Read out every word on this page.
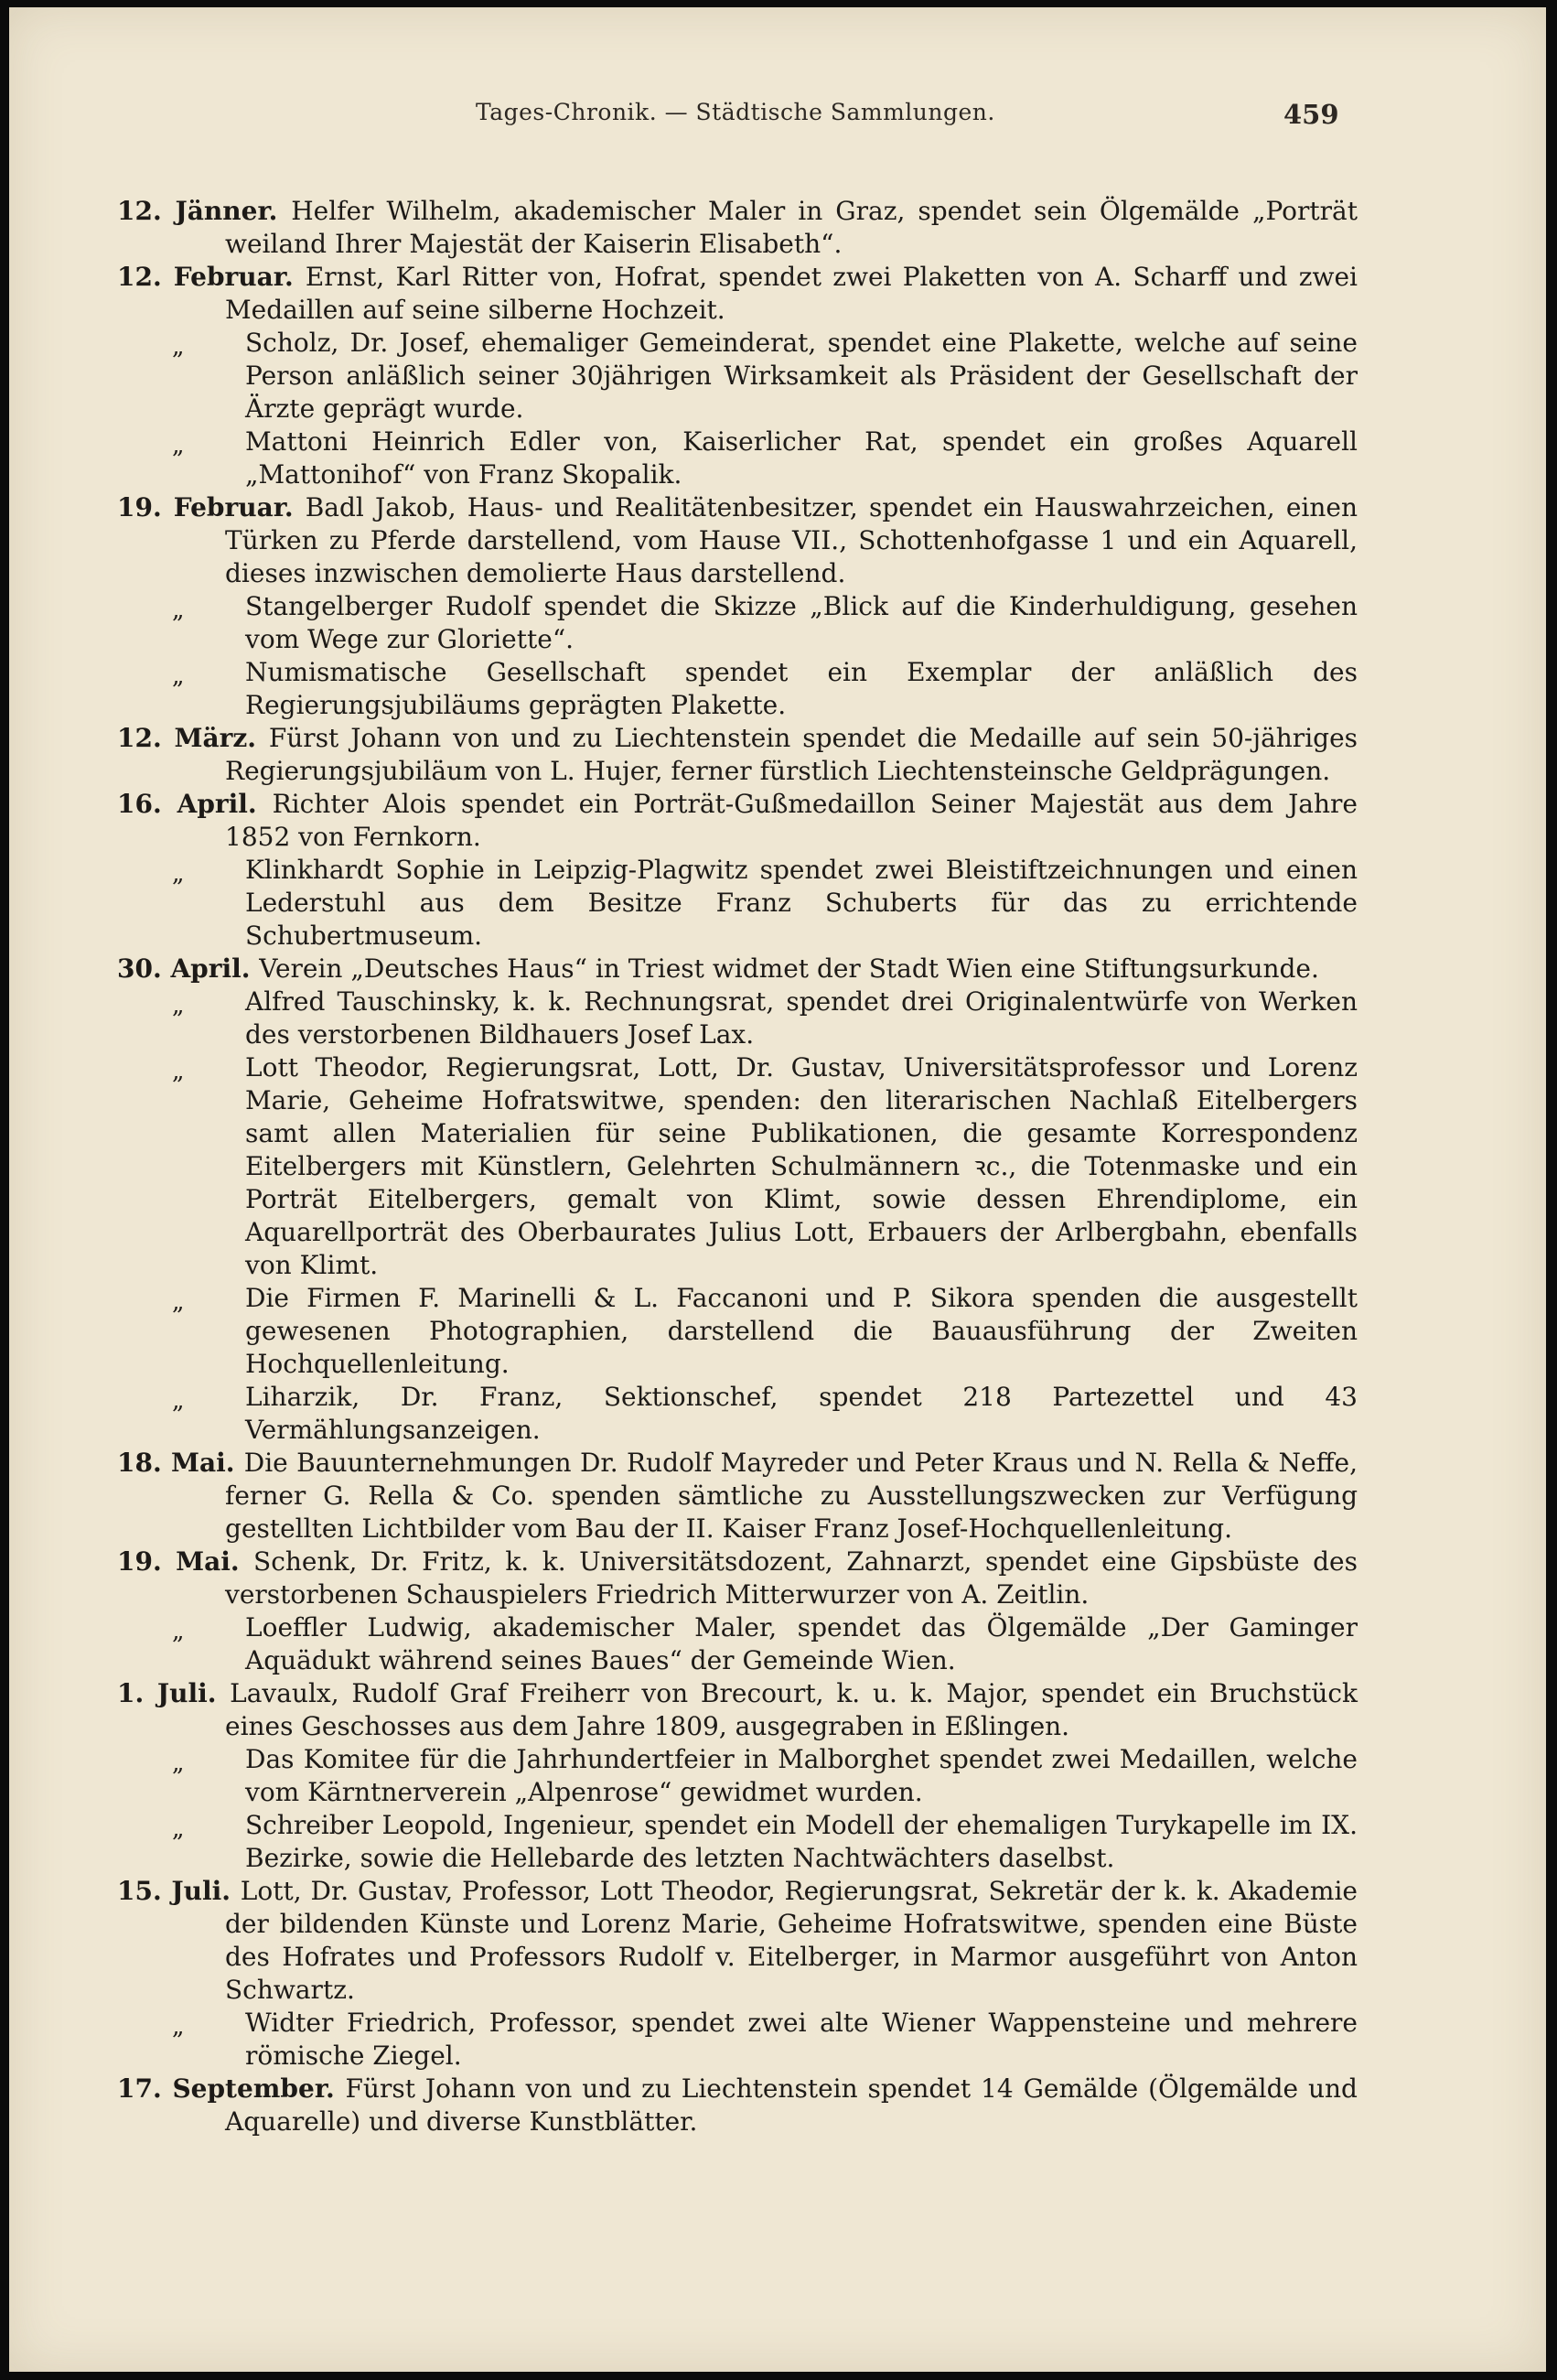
Tages-Chronik. — Städtische Sammlungen.	459
12. Jänner. Helfer Wilhelm, akademischer Maler in Graz, spendet sein Ölgemälde „Porträt weiland Ihrer Majestät der Kaiserin Elisabeth“.
12. Februar. Ernst, Karl Ritter von, Hofrat, spendet zwei Plaketten von A. Scharff und zwei Medaillen auf seine silberne Hochzeit.
„ Scholz, Dr. Josef, ehemaliger Gemeinderat, spendet eine Plakette, welche auf seine Person anläßlich seiner 30jährigen Wirksamkeit als Präsident der Gesellschaft der Ärzte geprägt wurde.
„ Mattoni Heinrich Edler von, Kaiserlicher Rat, spendet ein großes Aquarell „Mattonihof“ von Franz Skopalik.
19. Februar. Badl Jakob, Haus- und Realitätenbesitzer, spendet ein Hauswahrzeichen, einen Türken zu Pferde darstellend, vom Hause VII., Schottenhofgasse 1 und ein Aquarell, dieses inzwischen demolierte Haus darstellend.
„ Stangelberger Rudolf spendet die Skizze „Blick auf die Kinderhuldigung, gesehen vom Wege zur Gloriette“.
„ Numismatische Gesellschaft spendet ein Exemplar der anläßlich des Regierungsjubiläums geprägten Plakette.
12. März. Fürst Johann von und zu Liechtenstein spendet die Medaille auf sein 50-jähriges Regierungsjubiläum von L. Hujer, ferner fürstlich Liechtensteinsche Geldprägungen.
16. April. Richter Alois spendet ein Porträt-Gußmedaillon Seiner Majestät aus dem Jahre 1852 von Fernkorn.
„ Klinkhardt Sophie in Leipzig-Plagwitz spendet zwei Bleistiftzeichnungen und einen Lederstuhl aus dem Besitze Franz Schuberts für das zu errichtende Schubertmuseum.
30. April. Verein „Deutsches Haus“ in Triest widmet der Stadt Wien eine Stiftungsurkunde.
„ Alfred Tauschinsky, k. k. Rechnungsrat, spendet drei Originalentwürfe von Werken des verstorbenen Bildhauers Josef Lax.
„ Lott Theodor, Regierungsrat, Lott, Dr. Gustav, Universitätsprofessor und Lorenz Marie, Geheime Hofratswitwe, spenden: den literarischen Nachlaß Eitelbergers samt allen Materialien für seine Publikationen, die gesamte Korrespondenz Eitelbergers mit Künstlern, Gelehrten Schulmännern ꝛc., die Totenmaske und ein Porträt Eitelbergers, gemalt von Klimt, sowie dessen Ehrendiplome, ein Aquarellporträt des Oberbaurates Julius Lott, Erbauers der Arlbergbahn, ebenfalls von Klimt.
„ Die Firmen F. Marinelli & L. Faccanoni und P. Sikora spenden die ausgestellt gewesenen Photographien, darstellend die Bauausführung der Zweiten Hochquellenleitung.
„ Liharzik, Dr. Franz, Sektionschef, spendet 218 Partezettel und 43 Vermählungsanzeigen.
18. Mai. Die Bauunternehmungen Dr. Rudolf Mayreder und Peter Kraus und N. Rella & Neffe, ferner G. Rella & Co. spenden sämtliche zu Ausstellungszwecken zur Verfügung gestellten Lichtbilder vom Bau der II. Kaiser Franz Josef-Hochquellenleitung.
19. Mai. Schenk, Dr. Fritz, k. k. Universitätsdozent, Zahnarzt, spendet eine Gipsbüste des verstorbenen Schauspielers Friedrich Mitterwurzer von A. Zeitlin.
„ Loeffler Ludwig, akademischer Maler, spendet das Ölgemälde „Der Gaminger Aquädukt während seines Baues“ der Gemeinde Wien.
1. Juli. Lavaulx, Rudolf Graf Freiherr von Brecourt, k. u. k. Major, spendet ein Bruchstück eines Geschosses aus dem Jahre 1809, ausgegraben in Eßlingen.
„ Das Komitee für die Jahrhundertfeier in Malborghet spendet zwei Medaillen, welche vom Kärntnerverein „Alpenrose“ gewidmet wurden.
„ Schreiber Leopold, Ingenieur, spendet ein Modell der ehemaligen Turykapelle im IX. Bezirke, sowie die Hellebarde des letzten Nachtwächters daselbst.
15. Juli. Lott, Dr. Gustav, Professor, Lott Theodor, Regierungsrat, Sekretär der k. k. Akademie der bildenden Künste und Lorenz Marie, Geheime Hofratswitwe, spenden eine Büste des Hofrates und Professors Rudolf v. Eitelberger, in Marmor ausgeführt von Anton Schwartz.
„ Widter Friedrich, Professor, spendet zwei alte Wiener Wappensteine und mehrere römische Ziegel.
17. September. Fürst Johann von und zu Liechtenstein spendet 14 Gemälde (Ölgemälde und Aquarelle) und diverse Kunstblätter.
